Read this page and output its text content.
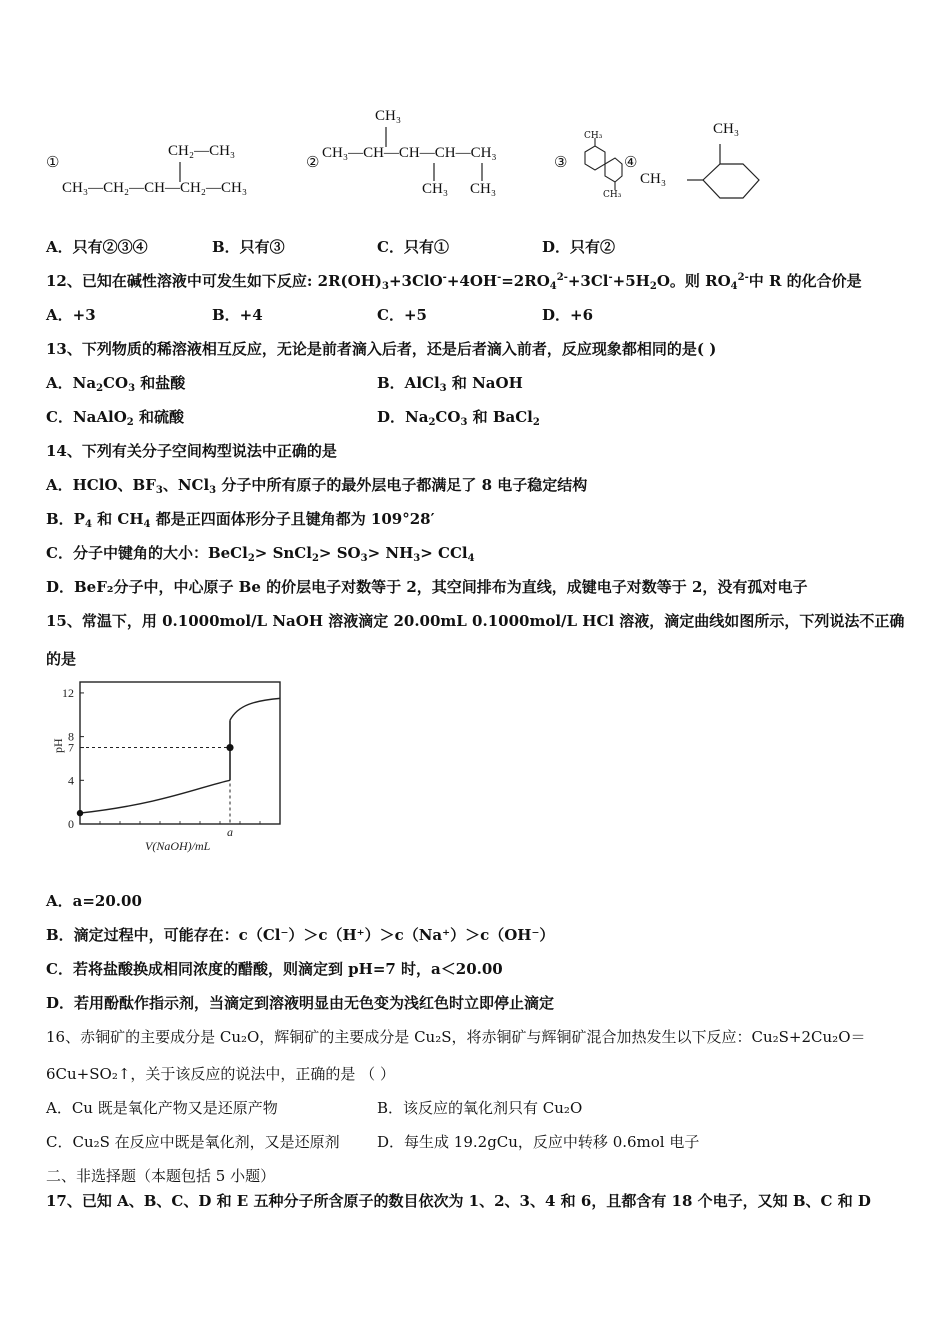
①
CH₂—CH₃
CH₃—CH₂—CH—CH₂—CH₃
②
CH₃
CH₃—CH—CH—CH—CH₃
CH₃ CH₃
③
CH₃
CH₃
④
CH₃
CH₃
A．只有②③④	B．只有③	C．只有①	D．只有②
12、已知在碱性溶液中可发生如下反应: $2R(OH)_3+3ClO^-+4OH^-=2RO_4^{2-}+3Cl^-+5H_2O$。则 $RO_4^{2-}$中 R 的化合价是
A．+3	B．+4	C．+5	D．+6
13、下列物质的稀溶液相互反应，无论是前者滴入后者，还是后者滴入前者，反应现象都相同的是( )
A．$Na_2CO_3$ 和盐酸	B．AlCl$_3$ 和 NaOH
C．NaAlO$_2$ 和硫酸	D．$Na_2CO_3$ 和 BaCl$_2$
14、下列有关分子空间构型说法中正确的是
A．HClO、$BF_3$、NCl$_3$ 分子中所有原子的最外层电子都满足了 8 电子稳定结构
B．$P_4$ 和 $CH_4$ 都是正四面体形分子且键角都为 109°28′
C．分子中键角的大小：BeCl$_2$> SnCl$_2$> $SO_3> NH_3> CCl_4$
D．BeF₂分子中，中心原子 Be 的价层电子对数等于 2，其空间排布为直线，成键电子对数等于 2，没有孤对电子
15、常温下，用 0.1000mol/L NaOH 溶液滴定 20.00mL 0.1000mol/L HCl 溶液，滴定曲线如图所示，下列说法不正确
的是
0
4
7
8
12
pH
V(NaOH)/mL
a
A．a=20.00
B．滴定过程中，可能存在：c（Cl⁻）＞c（H⁺）＞c（Na⁺）＞c（OH⁻）
C．若将盐酸换成相同浓度的醋酸，则滴定到 pH=7 时，a＜20.00
D．若用酚酞作指示剂，当滴定到溶液明显由无色变为浅红色时立即停止滴定
16、赤铜矿的主要成分是 Cu₂O，辉铜矿的主要成分是 Cu₂S，将赤铜矿与辉铜矿混合加热发生以下反应：Cu₂S+2Cu₂O＝
6Cu+SO₂↑，关于该反应的说法中，正确的是 （ ）
A．Cu 既是氧化产物又是还原产物	B．该反应的氧化剂只有 Cu₂O
C．Cu₂S 在反应中既是氧化剂，又是还原剂 D．每生成 19.2gCu，反应中转移 0.6mol 电子
二、非选择题（本题包括 5 小题）
17、已知 A、B、C、D 和 E 五种分子所含原子的数目依次为 1、2、3、4 和 6，且都含有 18 个电子，又知 B、C 和 D
